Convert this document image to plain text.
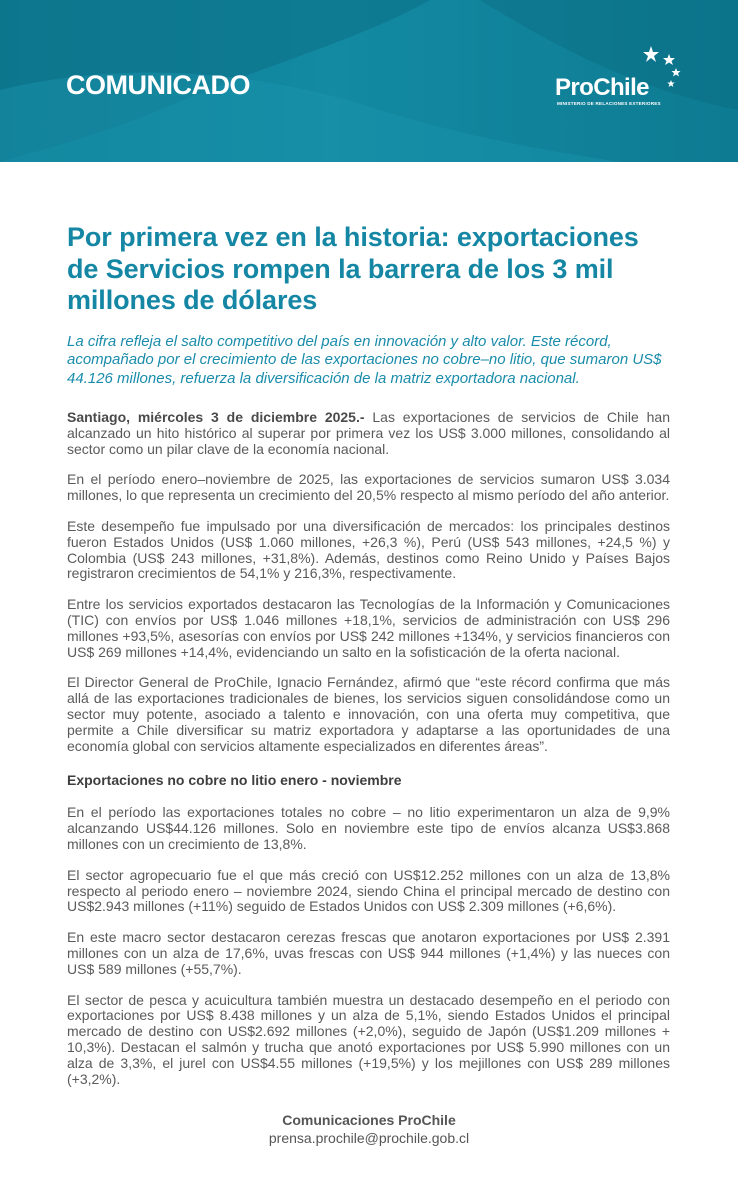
COMUNICADO	ProChile
MINISTERIO DE RELACIONES EXTERIORES
Por primera vez en la historia: exportaciones de Servicios rompen la barrera de los 3 mil millones de dólares
La cifra refleja el salto competitivo del país en innovación y alto valor. Este récord, acompañado por el crecimiento de las exportaciones no cobre–no litio, que sumaron US$ 44.126 millones, refuerza la diversificación de la matriz exportadora nacional.

Santiago, miércoles 3 de diciembre 2025.- Las exportaciones de servicios de Chile han alcanzado un hito histórico al superar por primera vez los US$ 3.000 millones, consolidando al sector como un pilar clave de la economía nacional.

En el período enero–noviembre de 2025, las exportaciones de servicios sumaron US$ 3.034 millones, lo que representa un crecimiento del 20,5% respecto al mismo período del año anterior.

Este desempeño fue impulsado por una diversificación de mercados: los principales destinos fueron Estados Unidos (US$ 1.060 millones, +26,3 %), Perú (US$ 543 millones, +24,5 %) y Colombia (US$ 243 millones, +31,8%). Además, destinos como Reino Unido y Países Bajos registraron crecimientos de 54,1% y 216,3%, respectivamente.

Entre los servicios exportados destacaron las Tecnologías de la Información y Comunicaciones (TIC) con envíos por US$ 1.046 millones +18,1%, servicios de administración con US$ 296 millones +93,5%, asesorías con envíos por US$ 242 millones +134%, y servicios financieros con US$ 269 millones +14,4%, evidenciando un salto en la sofisticación de la oferta nacional.

El Director General de ProChile, Ignacio Fernández, afirmó que “este récord confirma que más allá de las exportaciones tradicionales de bienes, los servicios siguen consolidándose como un sector muy potente, asociado a talento e innovación, con una oferta muy competitiva, que permite a Chile diversificar su matriz exportadora y adaptarse a las oportunidades de una economía global con servicios altamente especializados en diferentes áreas”.

Exportaciones no cobre no litio enero - noviembre

En el período las exportaciones totales no cobre – no litio experimentaron un alza de 9,9% alcanzando US$44.126 millones. Solo en noviembre este tipo de envíos alcanza US$3.868 millones con un crecimiento de 13,8%.

El sector agropecuario fue el que más creció con US$12.252 millones con un alza de 13,8% respecto al periodo enero – noviembre 2024, siendo China el principal mercado de destino con US$2.943 millones (+11%) seguido de Estados Unidos con US$ 2.309 millones (+6,6%).

En este macro sector destacaron cerezas frescas que anotaron exportaciones por US$ 2.391 millones con un alza de 17,6%, uvas frescas con US$ 944 millones (+1,4%) y las nueces con US$ 589 millones (+55,7%).

El sector de pesca y acuicultura también muestra un destacado desempeño en el periodo con exportaciones por US$ 8.438 millones y un alza de 5,1%, siendo Estados Unidos el principal mercado de destino con US$2.692 millones (+2,0%), seguido de Japón (US$1.209 millones + 10,3%). Destacan el salmón y trucha que anotó exportaciones por US$ 5.990 millones con un alza de 3,3%, el jurel con US$4.55 millones (+19,5%) y los mejillones con US$ 289 millones (+3,2%).

Comunicaciones ProChile
prensa.prochile@prochile.gob.cl
